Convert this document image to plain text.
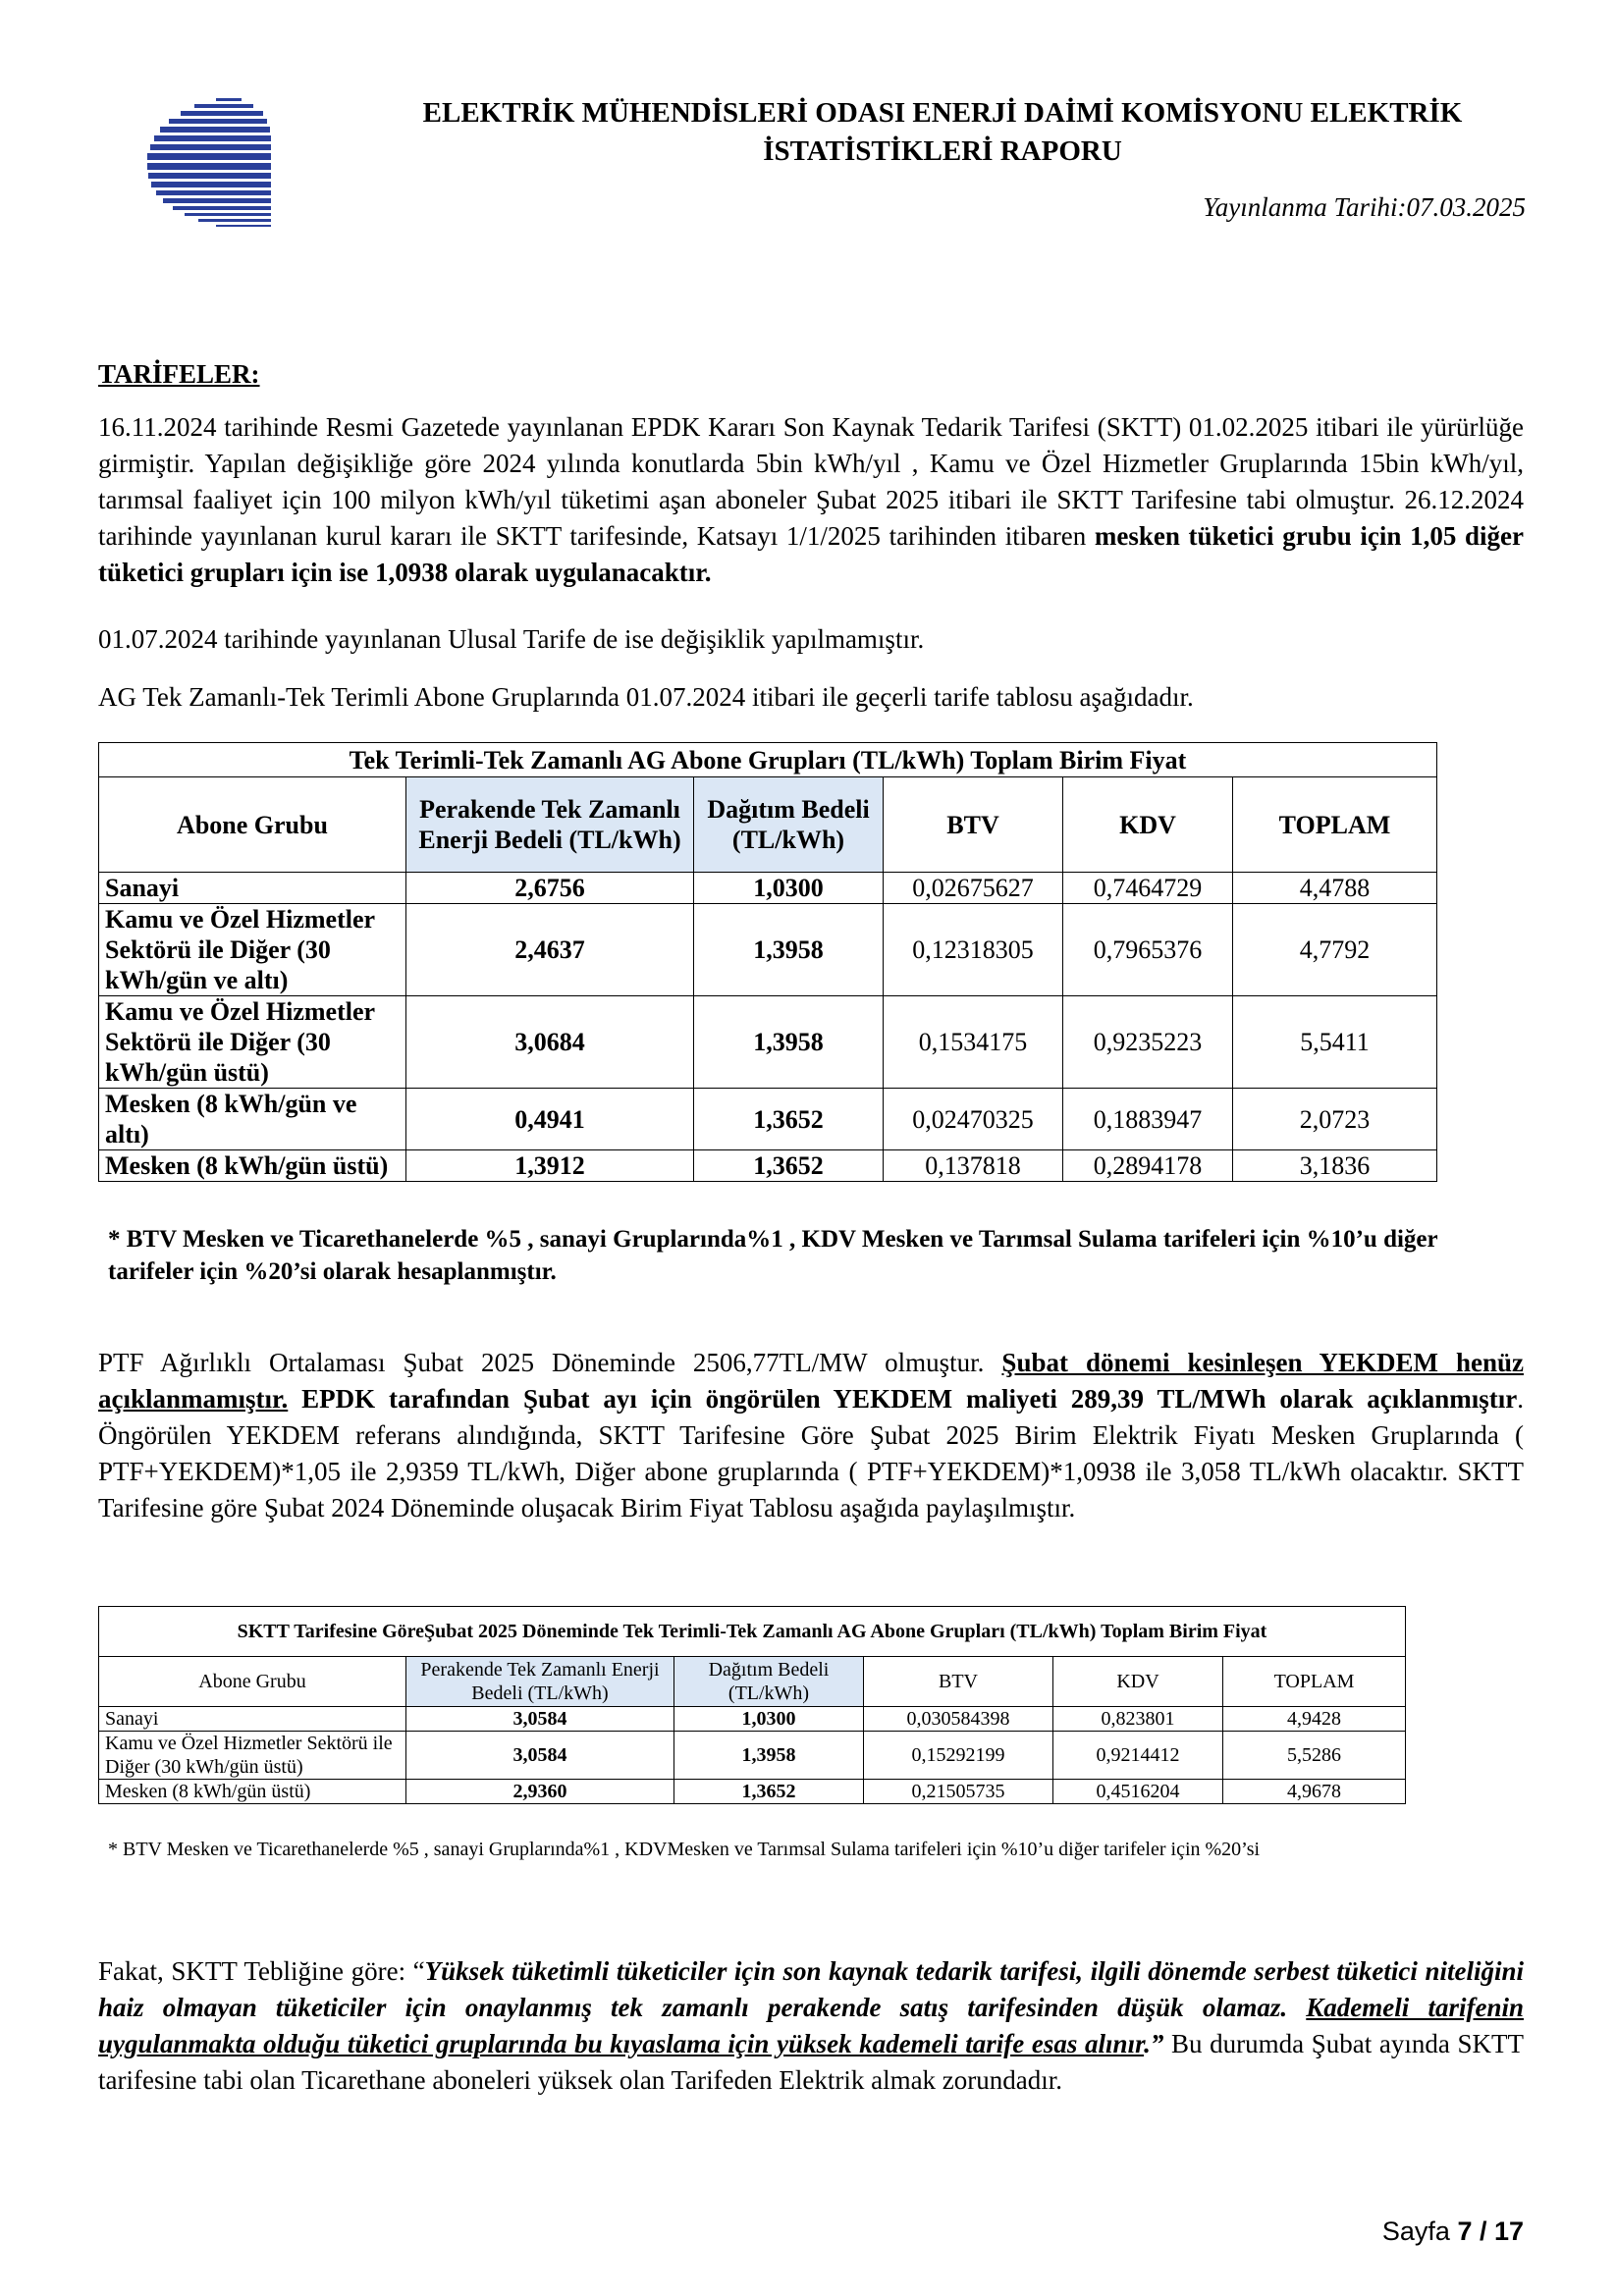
ELEKTRİK MÜHENDİSLERİ ODASI ENERJİ DAİMİ KOMİSYONU ELEKTRİK
İSTATİSTİKLERİ RAPORU
Yayınlanma Tarihi:07.03.2025
TARİFELER:

16.11.2024 tarihinde Resmi Gazetede yayınlanan EPDK Kararı Son Kaynak Tedarik Tarifesi (SKTT) 01.02.2025 itibari ile yürürlüğe girmiştir. Yapılan değişikliğe göre 2024 yılında konutlarda 5bin kWh/yıl , Kamu ve Özel Hizmetler Gruplarında 15bin kWh/yıl, tarımsal faaliyet için 100 milyon kWh/yıl tüketimi aşan aboneler Şubat 2025 itibari ile SKTT Tarifesine tabi olmuştur. 26.12.2024 tarihinde yayınlanan kurul kararı ile SKTT tarifesinde, Katsayı 1/1/2025 tarihinden itibaren mesken tüketici grubu için 1,05 diğer tüketici grupları için ise 1,0938 olarak uygulanacaktır.

01.07.2024 tarihinde yayınlanan Ulusal Tarife de ise değişiklik yapılmamıştır.

AG Tek Zamanlı-Tek Terimli Abone Gruplarında 01.07.2024 itibari ile geçerli tarife tablosu aşağıdadır.

Tek Terimli-Tek Zamanlı AG Abone Grupları (TL/kWh) Toplam Birim Fiyat					
Abone Grubu	Perakende Tek Zamanlı Enerji Bedeli (TL/kWh)	Dağıtım Bedeli (TL/kWh)	BTV	KDV	TOPLAM
Sanayi	2,6756	1,0300	0,02675627	0,7464729	4,4788
Kamu ve Özel Hizmetler Sektörü ile Diğer (30 kWh/gün ve altı)	2,4637	1,3958	0,12318305	0,7965376	4,7792
Kamu ve Özel Hizmetler Sektörü ile Diğer (30 kWh/gün üstü)	3,0684	1,3958	0,1534175	0,9235223	5,5411
Mesken (8 kWh/gün ve altı)	0,4941	1,3652	0,02470325	0,1883947	2,0723
Mesken (8 kWh/gün üstü)	1,3912	1,3652	0,137818	0,2894178	3,1836
* BTV Mesken ve Ticarethanelerde %5 , sanayi Gruplarında%1 , KDV Mesken ve Tarımsal Sulama tarifeleri için %10’u diğer tarifeler için %20’si olarak hesaplanmıştır.

PTF Ağırlıklı Ortalaması Şubat 2025 Döneminde 2506,77TL/MW olmuştur. Şubat dönemi kesinleşen YEKDEM henüz açıklanmamıştır. EPDK tarafından Şubat ayı için öngörülen YEKDEM maliyeti 289,39 TL/MWh olarak açıklanmıştır. Öngörülen YEKDEM referans alındığında, SKTT Tarifesine Göre Şubat 2025 Birim Elektrik Fiyatı Mesken Gruplarında ( PTF+YEKDEM)*1,05 ile 2,9359 TL/kWh, Diğer abone gruplarında ( PTF+YEKDEM)*1,0938 ile 3,058 TL/kWh olacaktır. SKTT Tarifesine göre Şubat 2024 Döneminde oluşacak Birim Fiyat Tablosu aşağıda paylaşılmıştır.

SKTT Tarifesine GöreŞubat 2025 Döneminde Tek Terimli-Tek Zamanlı AG Abone Grupları (TL/kWh) Toplam Birim Fiyat					
Abone Grubu	Perakende Tek Zamanlı Enerji Bedeli (TL/kWh)	Dağıtım Bedeli (TL/kWh)	BTV	KDV	TOPLAM
Sanayi	3,0584	1,0300	0,030584398	0,823801	4,9428
Kamu ve Özel Hizmetler Sektörü ile Diğer (30 kWh/gün üstü)	3,0584	1,3958	0,15292199	0,9214412	5,5286
Mesken (8 kWh/gün üstü)	2,9360	1,3652	0,21505735	0,4516204	4,9678
* BTV Mesken ve Ticarethanelerde %5 , sanayi Gruplarında%1 , KDVMesken ve Tarımsal Sulama tarifeleri için %10’u diğer tarifeler için %20’si

Fakat, SKTT Tebliğine göre: “Yüksek tüketimli tüketiciler için son kaynak tedarik tarifesi, ilgili dönemde serbest tüketici niteliğini haiz olmayan tüketiciler için onaylanmış tek zamanlı perakende satış tarifesinden düşük olamaz. Kademeli tarifenin uygulanmakta olduğu tüketici gruplarında bu kıyaslama için yüksek kademeli tarife esas alınır.” Bu durumda Şubat ayında SKTT tarifesine tabi olan Ticarethane aboneleri yüksek olan Tarifeden Elektrik almak zorundadır.

Sayfa 7 / 17
